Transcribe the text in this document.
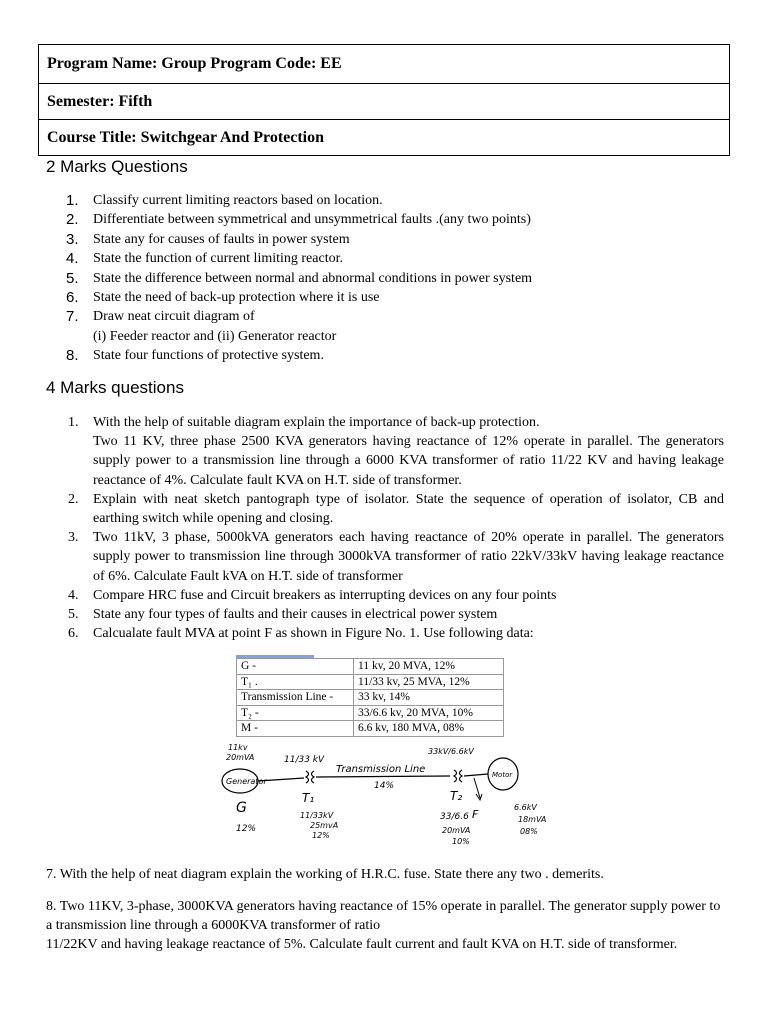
Program Name: Group Program Code: EE
Semester: Fifth
Course Title: Switchgear And Protection
2 Marks Questions
1.	Classify current limiting reactors based on location.
2.	Differentiate between symmetrical and unsymmetrical faults .(any two points)
3.	State any for causes of faults in power system
4.	State the function of current limiting reactor.
5.	State the difference between normal and abnormal conditions in power system
6.	State the need of back-up protection where it is use
7.	Draw neat circuit diagram of
(i) Feeder reactor and (ii) Generator reactor
8.	State four functions of protective system.
4 Marks questions
1.	With the help of suitable diagram explain the importance of back-up protection.
Two 11 KV, three phase 2500 KVA generators having reactance of 12% operate in parallel. The generators supply power to a transmission line through a 6000 KVA transformer of ratio 11/22 KV and having leakage reactance of 4%. Calculate fault KVA on H.T. side of transformer.
2.	Explain with neat sketch pantograph type of isolator. State the sequence of operation of isolator, CB and earthing switch while opening and closing.
3.	Two 11kV, 3 phase, 5000kVA generators each having reactance of 20% operate in parallel. The generators supply power to transmission line through 3000kVA transformer of ratio 22kV/33kV having leakage reactance of 6%. Calculate Fault kVA on H.T. side of transformer
4.	Compare HRC fuse and Circuit breakers as interrupting devices on any four points
5.	State any four types of faults and their causes in electrical power system
6.	Calcualate fault MVA at point F as shown in Figure No. 1. Use following data:
G -	11 kv, 20 MVA, 12%
T₁ .	11/33 kv, 25 MVA, 12%
Transmission Line -	33 kv, 14%
T₂ -	33/6.6 kv, 20 MVA, 10%
M -	6.6 kv, 180 MVA, 08%
Generator
11kv
20mVA
G
12%
11/33 kV
T₁
11/33kV
25mvA
12%
Transmission Line
14%
33kV/6.6kV
T₂
33/6.6 F
20mVA
10%
Motor
6.6kV
18mVA
08%

7. With the help of neat diagram explain the working of H.R.C. fuse. State there any two . demerits.

8. Two 11KV, 3-phase, 3000KVA generators having reactance of 15% operate in parallel. The generator supply power to a transmission line through a 6000KVA transformer of ratio
11/22KV and having leakage reactance of 5%. Calculate fault current and fault KVA on H.T. side of transformer.
